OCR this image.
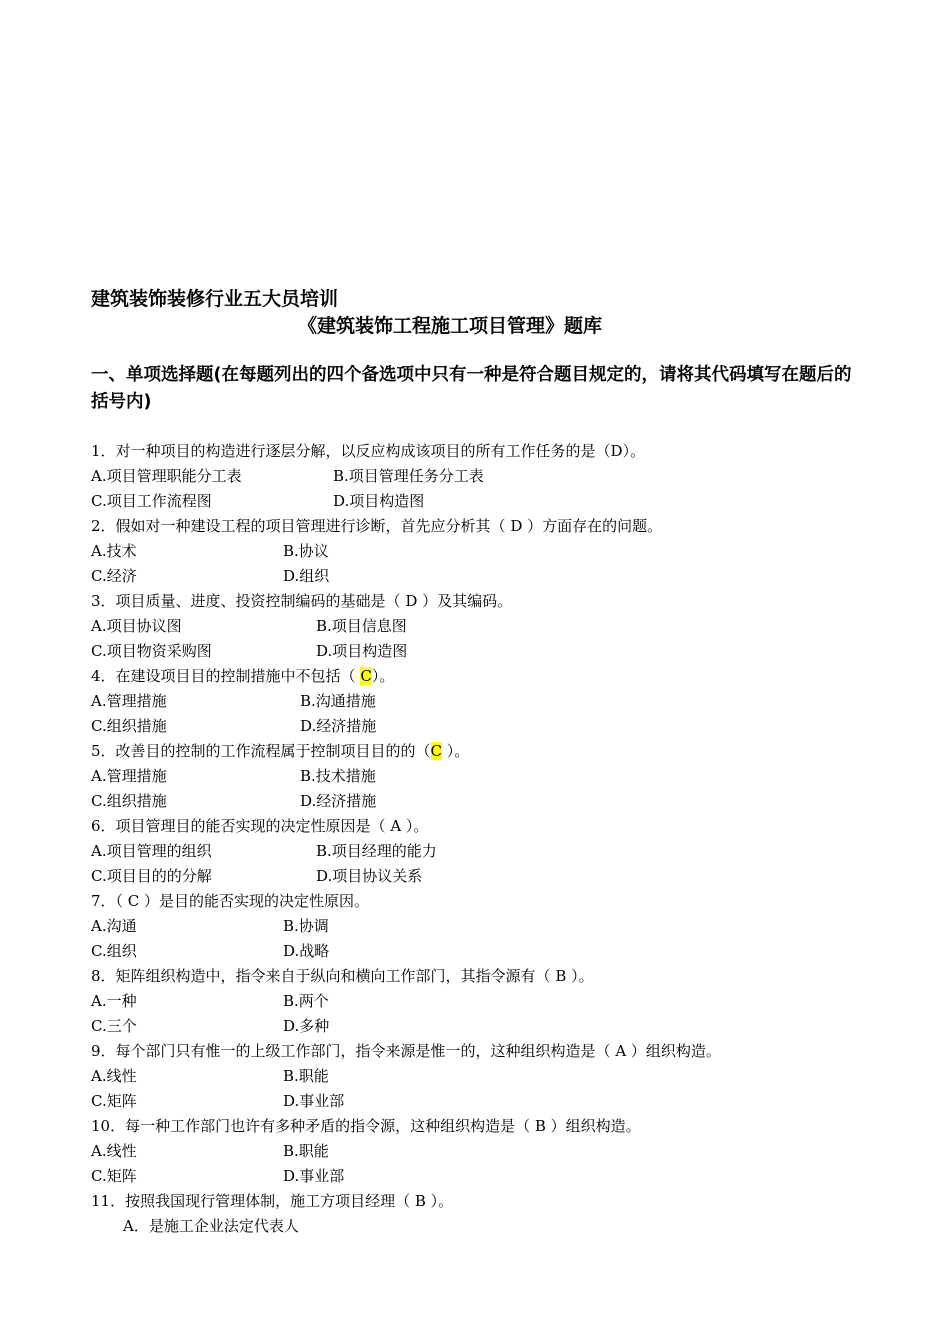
建筑装饰装修行业五大员培训
《建筑装饰工程施工项目管理》题库
一、单项选择题(在每题列出的四个备选项中只有一种是符合题目规定的，请将其代码填写在题后的括号内)
1．对一种项目的构造进行逐层分解，以反应构成该项目的所有工作任务的是（D）。
A.项目管理职能分工表	B.项目管理任务分工表
C.项目工作流程图	D.项目构造图
2．假如对一种建设工程的项目管理进行诊断，首先应分析其（ D ）方面存在的问题。
A.技术	B.协议
C.经济	D.组织
3．项目质量、进度、投资控制编码的基础是（ D ）及其编码。
A.项目协议图	B.项目信息图
C.项目物资采购图	D.项目构造图
4．在建设项目目的控制措施中不包括（ C）。
A.管理措施	B.沟通措施
C.组织措施	D.经济措施
5．改善目的控制的工作流程属于控制项目目的的（C ）。
A.管理措施	B.技术措施
C.组织措施	D.经济措施
6．项目管理目的能否实现的决定性原因是（ A ）。
A.项目管理的组织	B.项目经理的能力
C.项目目的的分解	D.项目协议关系
7．（ C ）是目的能否实现的决定性原因。
A.沟通	B.协调
C.组织	D.战略
8．矩阵组织构造中，指令来自于纵向和横向工作部门，其指令源有（ B ）。
A.一种	B.两个
C.三个	D.多种
9．每个部门只有惟一的上级工作部门，指令来源是惟一的，这种组织构造是（ A ）组织构造。
A.线性	B.职能
C.矩阵	D.事业部
10．每一种工作部门也许有多种矛盾的指令源，这种组织构造是（ B ）组织构造。
A.线性	B.职能
C.矩阵	D.事业部
11．按照我国现行管理体制，施工方项目经理（ B ）。
A．是施工企业法定代表人
